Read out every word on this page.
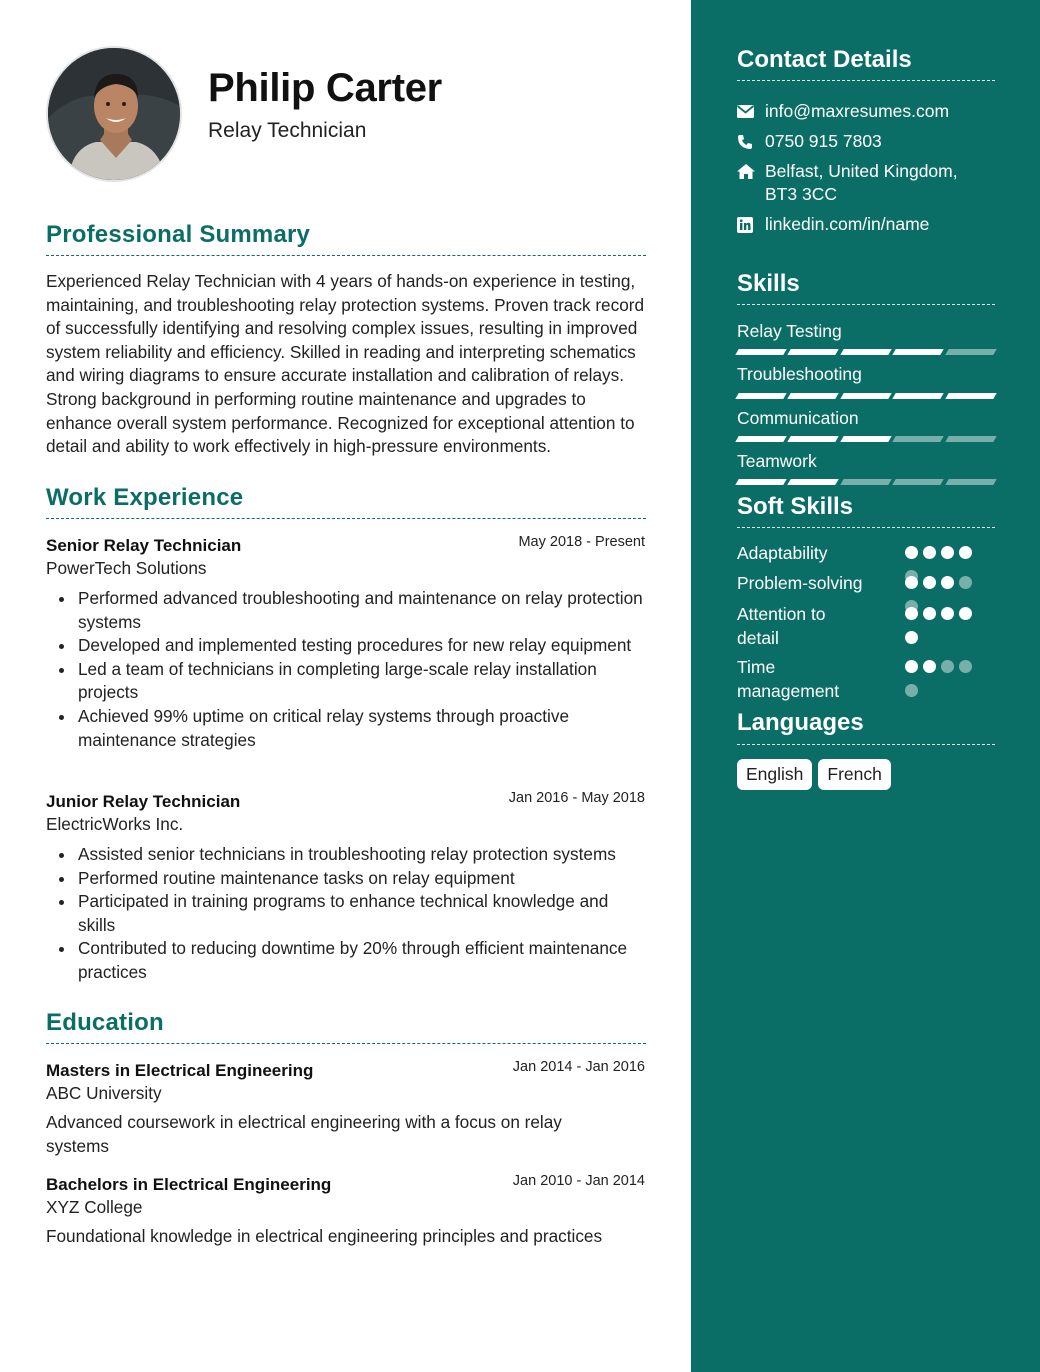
Philip Carter
Relay Technician
Professional Summary
Experienced Relay Technician with 4 years of hands-on experience in testing, maintaining, and troubleshooting relay protection systems. Proven track record of successfully identifying and resolving complex issues, resulting in improved system reliability and efficiency. Skilled in reading and interpreting schematics and wiring diagrams to ensure accurate installation and calibration of relays. Strong background in performing routine maintenance and upgrades to enhance overall system performance. Recognized for exceptional attention to detail and ability to work effectively in high-pressure environments.
Work Experience
Senior Relay Technician	May 2018 - Present
PowerTech Solutions
Performed advanced troubleshooting and maintenance on relay protection systems
Developed and implemented testing procedures for new relay equipment
Led a team of technicians in completing large-scale relay installation projects
Achieved 99% uptime on critical relay systems through proactive maintenance strategies
Junior Relay Technician	Jan 2016 - May 2018
ElectricWorks Inc.
Assisted senior technicians in troubleshooting relay protection systems
Performed routine maintenance tasks on relay equipment
Participated in training programs to enhance technical knowledge and skills
Contributed to reducing downtime by 20% through efficient maintenance practices
Education
Masters in Electrical Engineering	Jan 2014 - Jan 2016
ABC University
Advanced coursework in electrical engineering with a focus on relay systems
Bachelors in Electrical Engineering	Jan 2010 - Jan 2014
XYZ College
Foundational knowledge in electrical engineering principles and practices
Contact Details
info@maxresumes.com
0750 915 7803
Belfast, United Kingdom, BT3 3CC
linkedin.com/in/name
Skills
Relay Testing
Troubleshooting
Communication
Teamwork
Soft Skills
Adaptability
Problem-solving
Attention to detail
Time management
Languages
English	French
